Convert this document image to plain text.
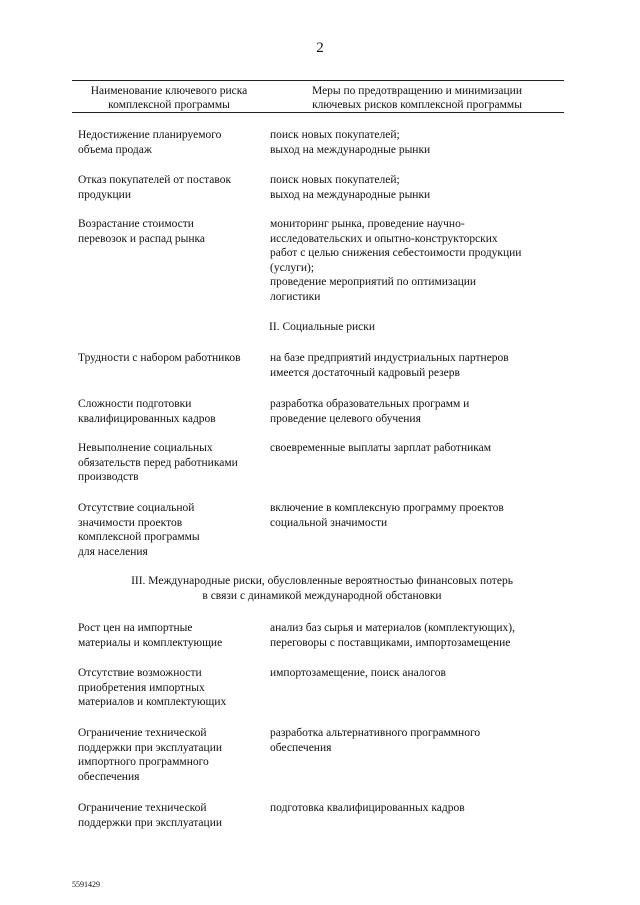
2
Наименование ключевого риска
комплексной программы
Меры по предотвращению и минимизации
ключевых рисков комплексной программы
Недостижение планируемого
объема продаж
поиск новых покупателей;
выход на международные рынки
Отказ покупателей от поставок
продукции
поиск новых покупателей;
выход на международные рынки
Возрастание стоимости
перевозок и распад рынка
мониторинг рынка, проведение научно-
исследовательских и опытно-конструкторских
работ с целью снижения себестоимости продукции
(услуги);
проведение мероприятий по оптимизации
логистики
II. Социальные риски
Трудности с набором работников	на базе предприятий индустриальных партнеров
имеется достаточный кадровый резерв
Сложности подготовки
квалифицированных кадров
разработка образовательных программ и
проведение целевого обучения
Невыполнение социальных
обязательств перед работниками
производств
своевременные выплаты зарплат работникам
Отсутствие социальной
значимости проектов
комплексной программы
для населения
включение в комплексную программу проектов
социальной значимости
III. Международные риски, обусловленные вероятностью финансовых потерь
в связи с динамикой международной обстановки
Рост цен на импортные
материалы и комплектующие
анализ баз сырья и материалов (комплектующих),
переговоры с поставщиками, импортозамещение
Отсутствие возможности
приобретения импортных
материалов и комплектующих
импортозамещение, поиск аналогов
Ограничение технической
поддержки при эксплуатации
импортного программного
обеспечения
разработка альтернативного программного
обеспечения
Ограничение технической
поддержки при эксплуатации
подготовка квалифицированных кадров
5591429
